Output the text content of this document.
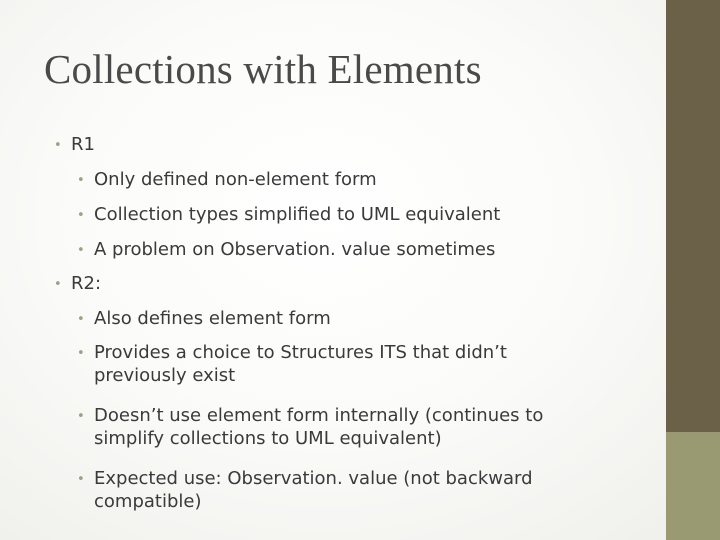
Collections with Elements
• R1
• Only defined non-element form
• Collection types simplified to UML equivalent
• A problem on Observation. value sometimes
• R2:
• Also defines element form
• Provides a choice to Structures ITS that didn’t
previously exist
• Doesn’t use element form internally (continues to
simplify collections to UML equivalent)
• Expected use: Observation. value (not backward
compatible)
